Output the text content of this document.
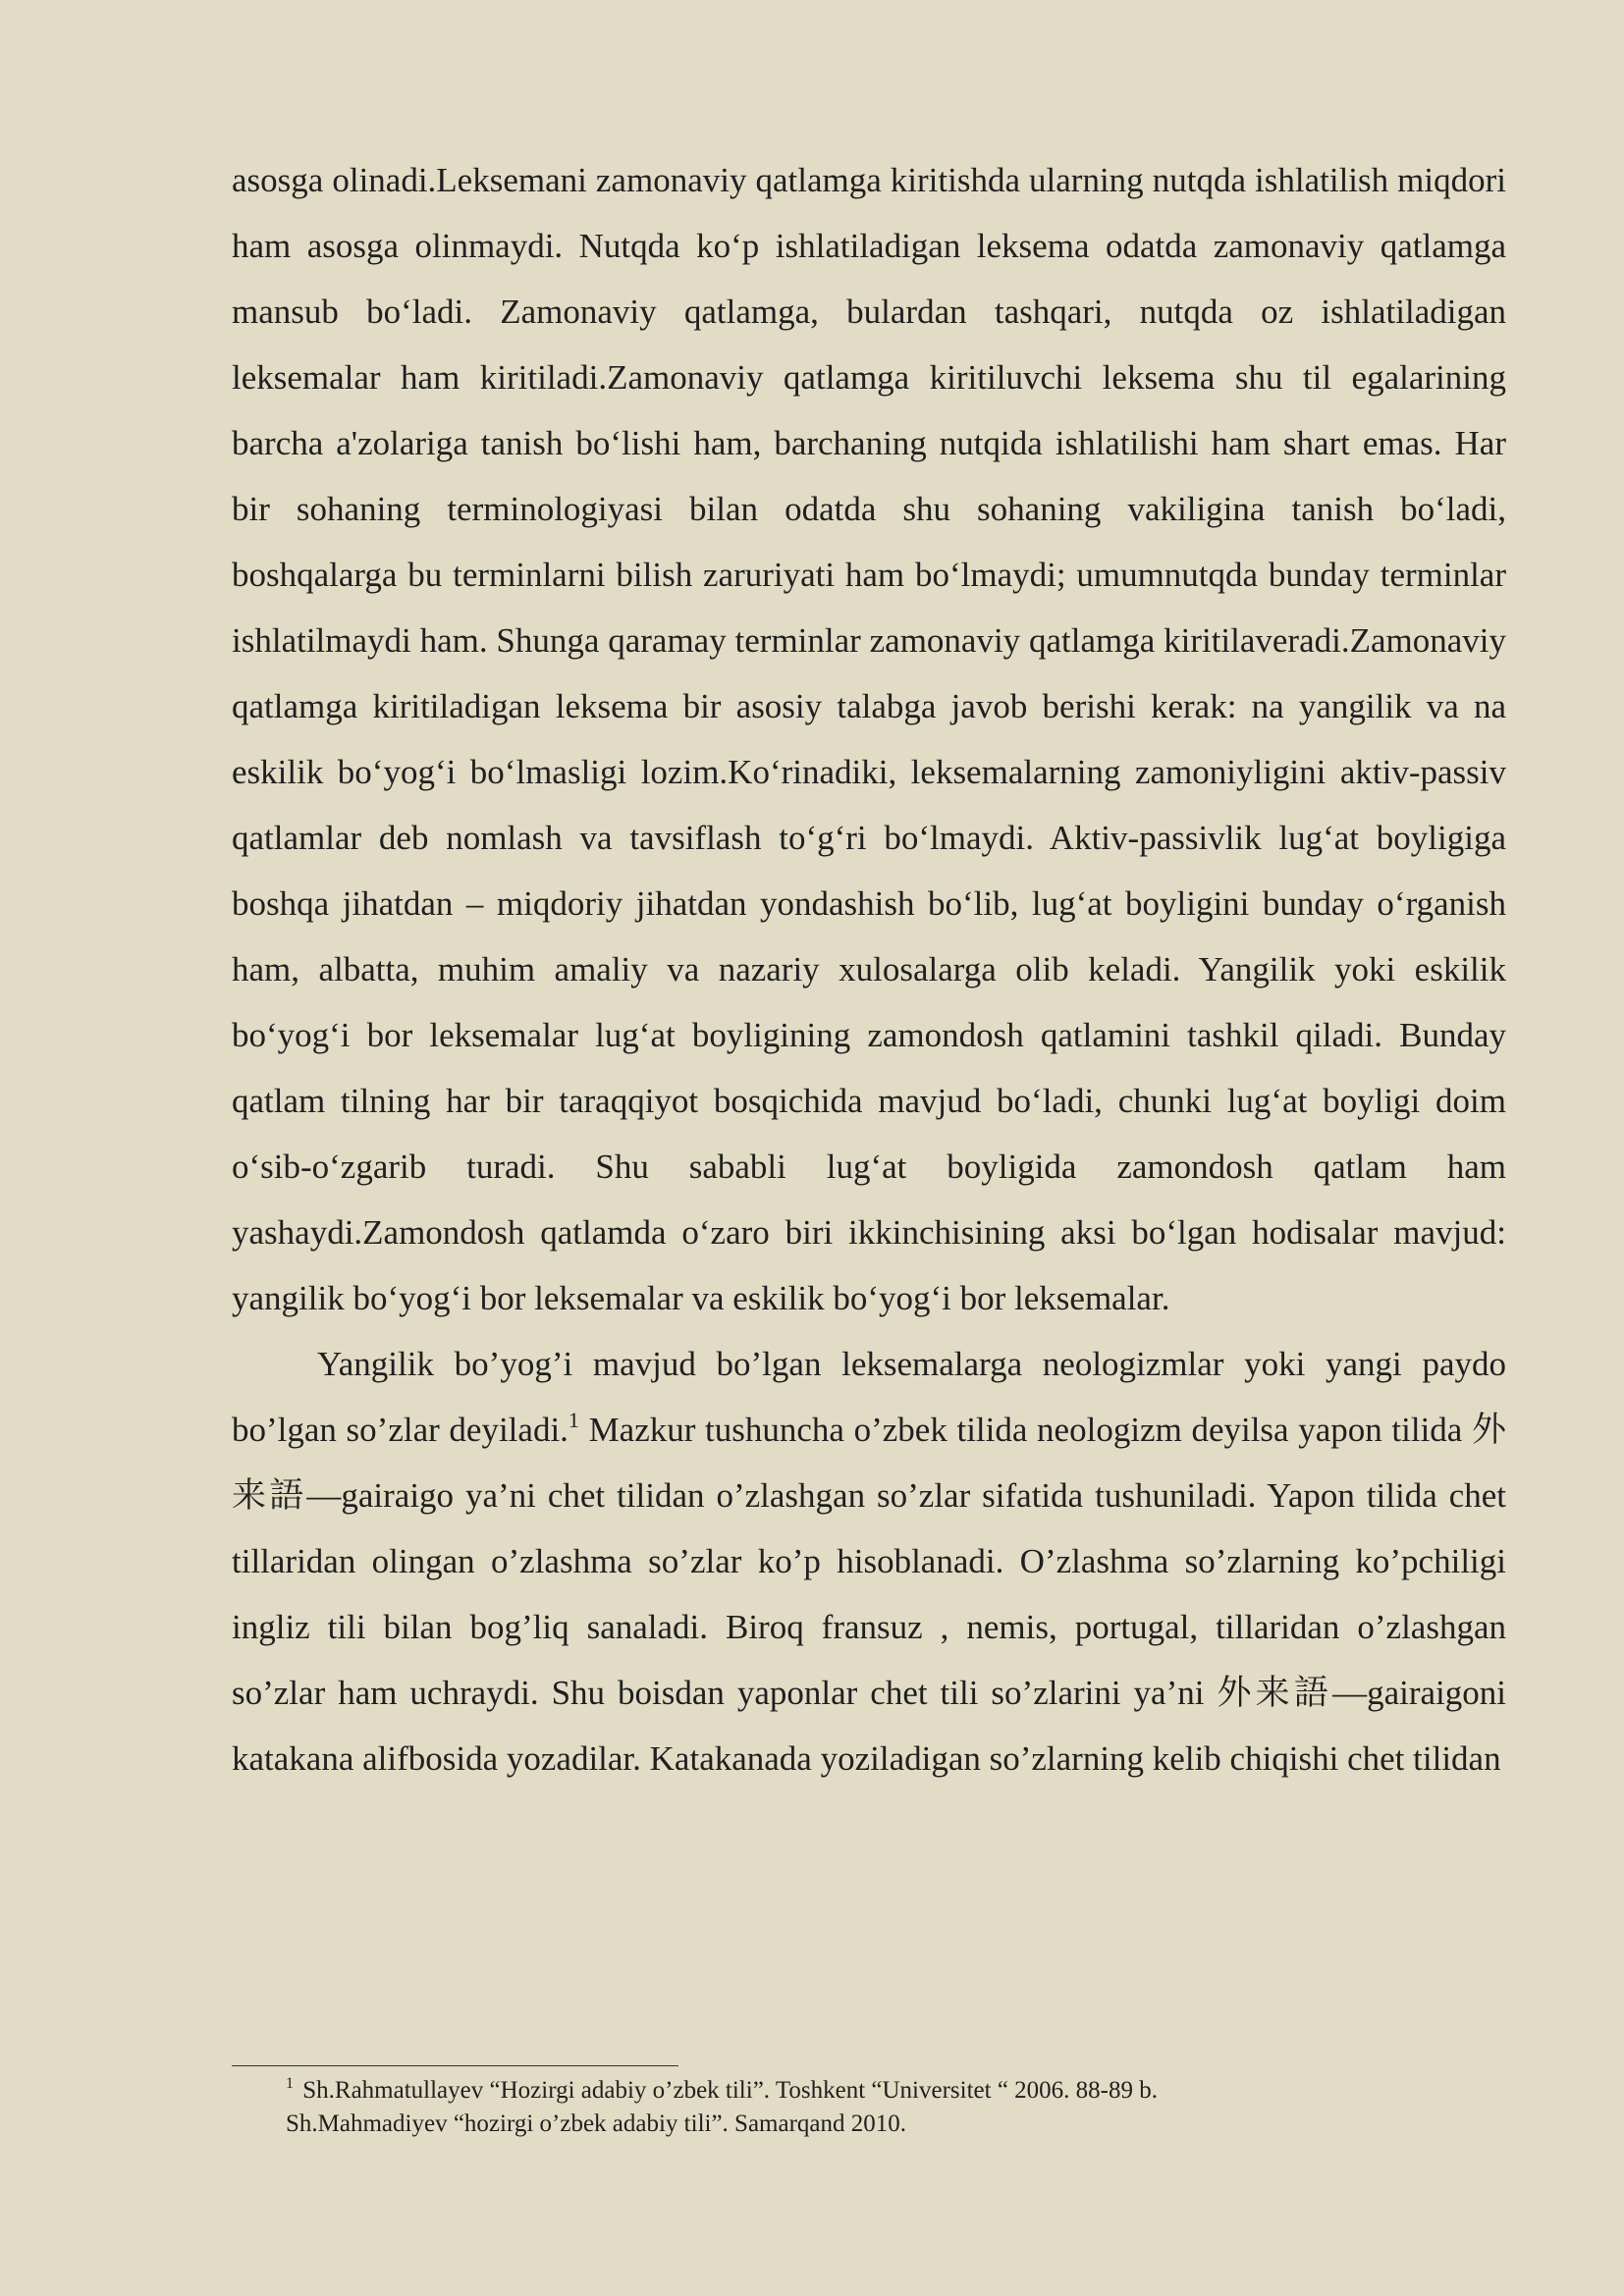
asosga olinadi.Leksemani zamonaviy qatlamga kiritishda ularning nutqda ishlatilish miqdori ham asosga olinmaydi. Nutqda ko‘p ishlatiladigan leksema odatda zamonaviy qatlamga mansub bo‘ladi. Zamonaviy qatlamga, bulardan tashqari, nutqda oz ishlatiladigan leksemalar ham kiritiladi.Zamonaviy qatlamga kiritiluvchi leksema shu til egalarining barcha a'zolariga tanish bo‘lishi ham, barchaning nutqida ishlatilishi ham shart emas. Har bir sohaning terminologiyasi bilan odatda shu sohaning vakiligina tanish bo‘ladi, boshqalarga bu terminlarni bilish zaruriyati ham bo‘lmaydi; umumnutqda bunday terminlar ishlatilmaydi ham. Shunga qaramay terminlar zamonaviy qatlamga kiritilaveradi.Zamonaviy qatlamga kiritiladigan leksema bir asosiy talabga javob berishi kerak: na yangilik va na eskilik bo‘yog‘i bo‘lmasligi lozim.Ko‘rinadiki, leksemalarning zamoniyligini aktiv-passiv qatlamlar deb nomlash va tavsiflash to‘g‘ri bo‘lmaydi. Aktiv-passivlik lug‘at boyligiga boshqa jihatdan – miqdoriy jihatdan yondashish bo‘lib, lug‘at boyligini bunday o‘rganish ham, albatta, muhim amaliy va nazariy xulosalarga olib keladi. Yangilik yoki eskilik bo‘yog‘i bor leksemalar lug‘at boyligining zamondosh qatlamini tashkil qiladi. Bunday qatlam tilning har bir taraqqiyot bosqichida mavjud bo‘ladi, chunki lug‘at boyligi doim o‘sib-o‘zgarib turadi. Shu sababli lug‘at boyligida zamondosh qatlam ham yashaydi.Zamondosh qatlamda o‘zaro biri ikkinchisining aksi bo‘lgan hodisalar mavjud: yangilik bo‘yog‘i bor leksemalar va eskilik bo‘yog‘i bor leksemalar.

Yangilik bo’yog’i mavjud bo’lgan leksemalarga neologizmlar yoki yangi paydo bo’lgan so’zlar deyiladi.$^1$ Mazkur tushuncha o’zbek tilida neologizm deyilsa yapon tilida 外来語—gairaigo ya’ni chet tilidan o’zlashgan so’zlar sifatida tushuniladi. Yapon tilida chet tillaridan olingan o’zlashma so’zlar ko’p hisoblanadi. O’zlashma so’zlarning ko’pchiligi ingliz tili bilan bog’liq sanaladi. Biroq fransuz , nemis, portugal, tillaridan o’zlashgan so’zlar ham uchraydi. Shu boisdan yaponlar chet tili so’zlarini ya’ni 外来語—gairaigoni katakana alifbosida yozadilar. Katakanada yoziladigan so’zlarning kelib chiqishi chet tilidan

$^1$ Sh.Rahmatullayev “Hozirgi adabiy o’zbek tili”. Toshkent “Universitet “ 2006. 88-89 b.
Sh.Mahmadiyev “hozirgi o’zbek adabiy tili”. Samarqand 2010.
